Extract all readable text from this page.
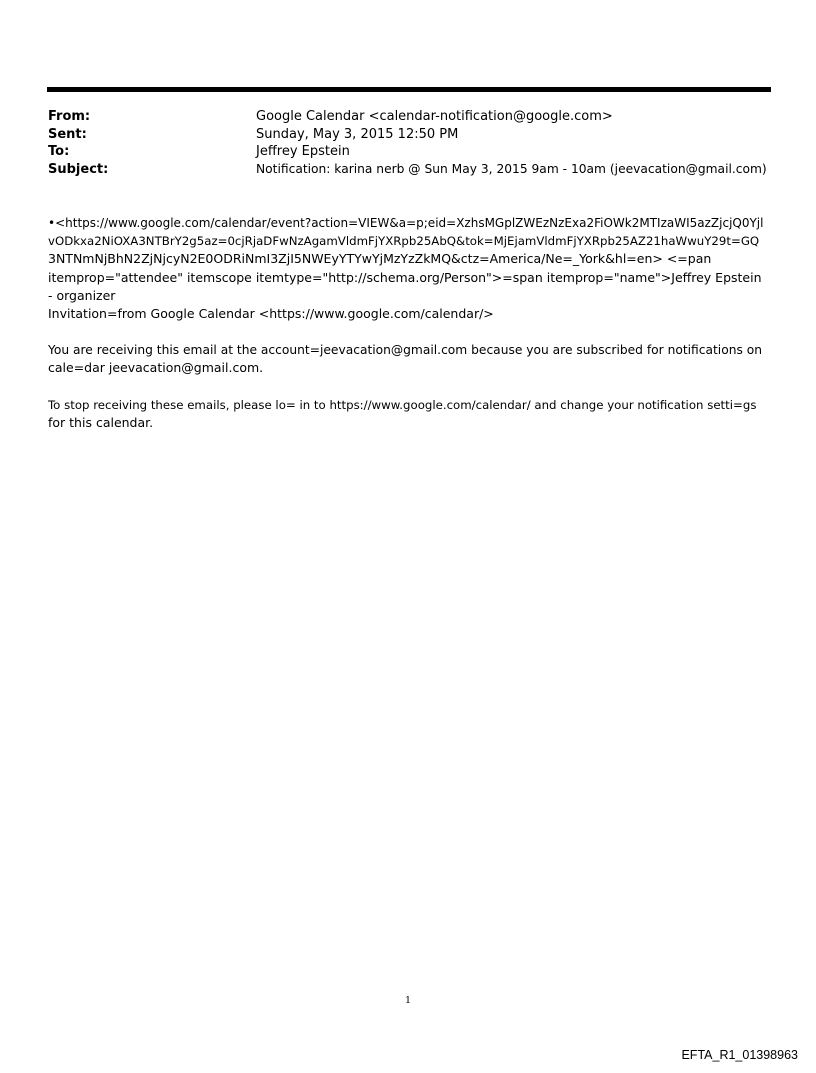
From:	Google Calendar <calendar-notification@google.com>
Sent:	Sunday, May 3, 2015 12:50 PM
To:	Jeffrey Epstein
Subject:	Notification: karina nerb @ Sun May 3, 2015 9am - 10am (jeevacation@gmail.com)

•<https://www.google.com/calendar/event?action=VIEW&a=p;eid=XzhsMGplZWEzNzExa2FiOWk2MTIzaWI5azZjcjQ0Yjl
vODkxa2NiOXA3NTBrY2g5az=0cjRjaDFwNzAgamVldmFjYXRpb25AbQ&tok=MjEjamVldmFjYXRpb25AZ21haWwuY29t=GQ
3NTNmNjBhN2ZjNjcyN2E0ODRiNmI3ZjI5NWEyYTYwYjMzYzZkMQ&ctz=America/Ne=_York&hl=en> <=pan
itemprop="attendee" itemscope itemtype="http://schema.org/Person">=span itemprop="name">Jeffrey Epstein
- organizer
Invitation=from Google Calendar <https://www.google.com/calendar/>

You are receiving this email at the account=jeevacation@gmail.com because you are subscribed for notifications on
cale=dar jeevacation@gmail.com.

To stop receiving these emails, please lo= in to https://www.google.com/calendar/ and change your notification setti=gs
for this calendar.

1
EFTA_R1_01398963
